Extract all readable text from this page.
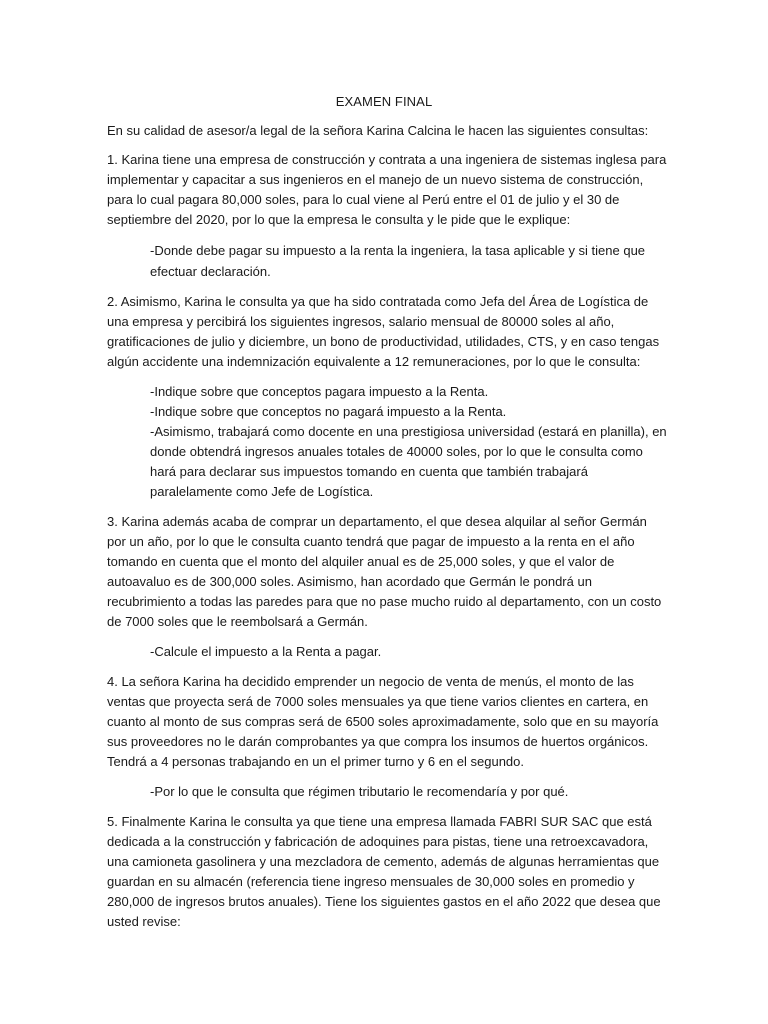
EXAMEN FINAL

En su calidad de asesor/a legal de la señora Karina Calcina le hacen las siguientes consultas:

1. Karina tiene una empresa de construcción y contrata a una ingeniera de sistemas inglesa para implementar y capacitar a sus ingenieros en el manejo de un nuevo sistema de construcción, para lo cual pagara 80,000 soles, para lo cual viene al Perú entre el 01 de julio y el 30 de septiembre del 2020, por lo que la empresa le consulta y le pide que le explique:

-Donde debe pagar su impuesto a la renta la ingeniera, la tasa aplicable y si tiene que efectuar declaración.

2. Asimismo, Karina le consulta ya que ha sido contratada como Jefa del Área de Logística de una empresa y percibirá los siguientes ingresos, salario mensual de 80000 soles al año, gratificaciones de julio y diciembre, un bono de productividad, utilidades, CTS, y en caso tengas algún accidente una indemnización equivalente a 12 remuneraciones, por lo que le consulta:

-Indique sobre que conceptos pagara impuesto a la Renta.

-Indique sobre que conceptos no pagará impuesto a la Renta.

-Asimismo, trabajará como docente en una prestigiosa universidad (estará en planilla), en donde obtendrá ingresos anuales totales de 40000 soles, por lo que le consulta como hará para declarar sus impuestos tomando en cuenta que también trabajará paralelamente como Jefe de Logística.

3. Karina además acaba de comprar un departamento, el que desea alquilar al señor Germán por un año, por lo que le consulta cuanto tendrá que pagar de impuesto a la renta en el año tomando en cuenta que el monto del alquiler anual es de 25,000 soles, y que el valor de autoavaluo es de 300,000 soles. Asimismo, han acordado que Germán le pondrá un recubrimiento a todas las paredes para que no pase mucho ruido al departamento, con un costo de 7000 soles que le reembolsará a Germán.

-Calcule el impuesto a la Renta a pagar.

4. La señora Karina ha decidido emprender un negocio de venta de menús, el monto de las ventas que proyecta será de 7000 soles mensuales ya que tiene varios clientes en cartera, en cuanto al monto de sus compras será de 6500 soles aproximadamente, solo que en su mayoría sus proveedores no le darán comprobantes ya que compra los insumos de huertos orgánicos. Tendrá a 4 personas trabajando en un el primer turno y 6 en el segundo.

-Por lo que le consulta que régimen tributario le recomendaría y por qué.

5. Finalmente Karina le consulta ya que tiene una empresa llamada FABRI SUR SAC que está dedicada a la construcción y fabricación de adoquines para pistas, tiene una retroexcavadora, una camioneta gasolinera y una mezcladora de cemento, además de algunas herramientas que guardan en su almacén (referencia tiene ingreso mensuales de 30,000 soles en promedio y 280,000 de ingresos brutos anuales). Tiene los siguientes gastos en el año 2022 que desea que usted revise:
